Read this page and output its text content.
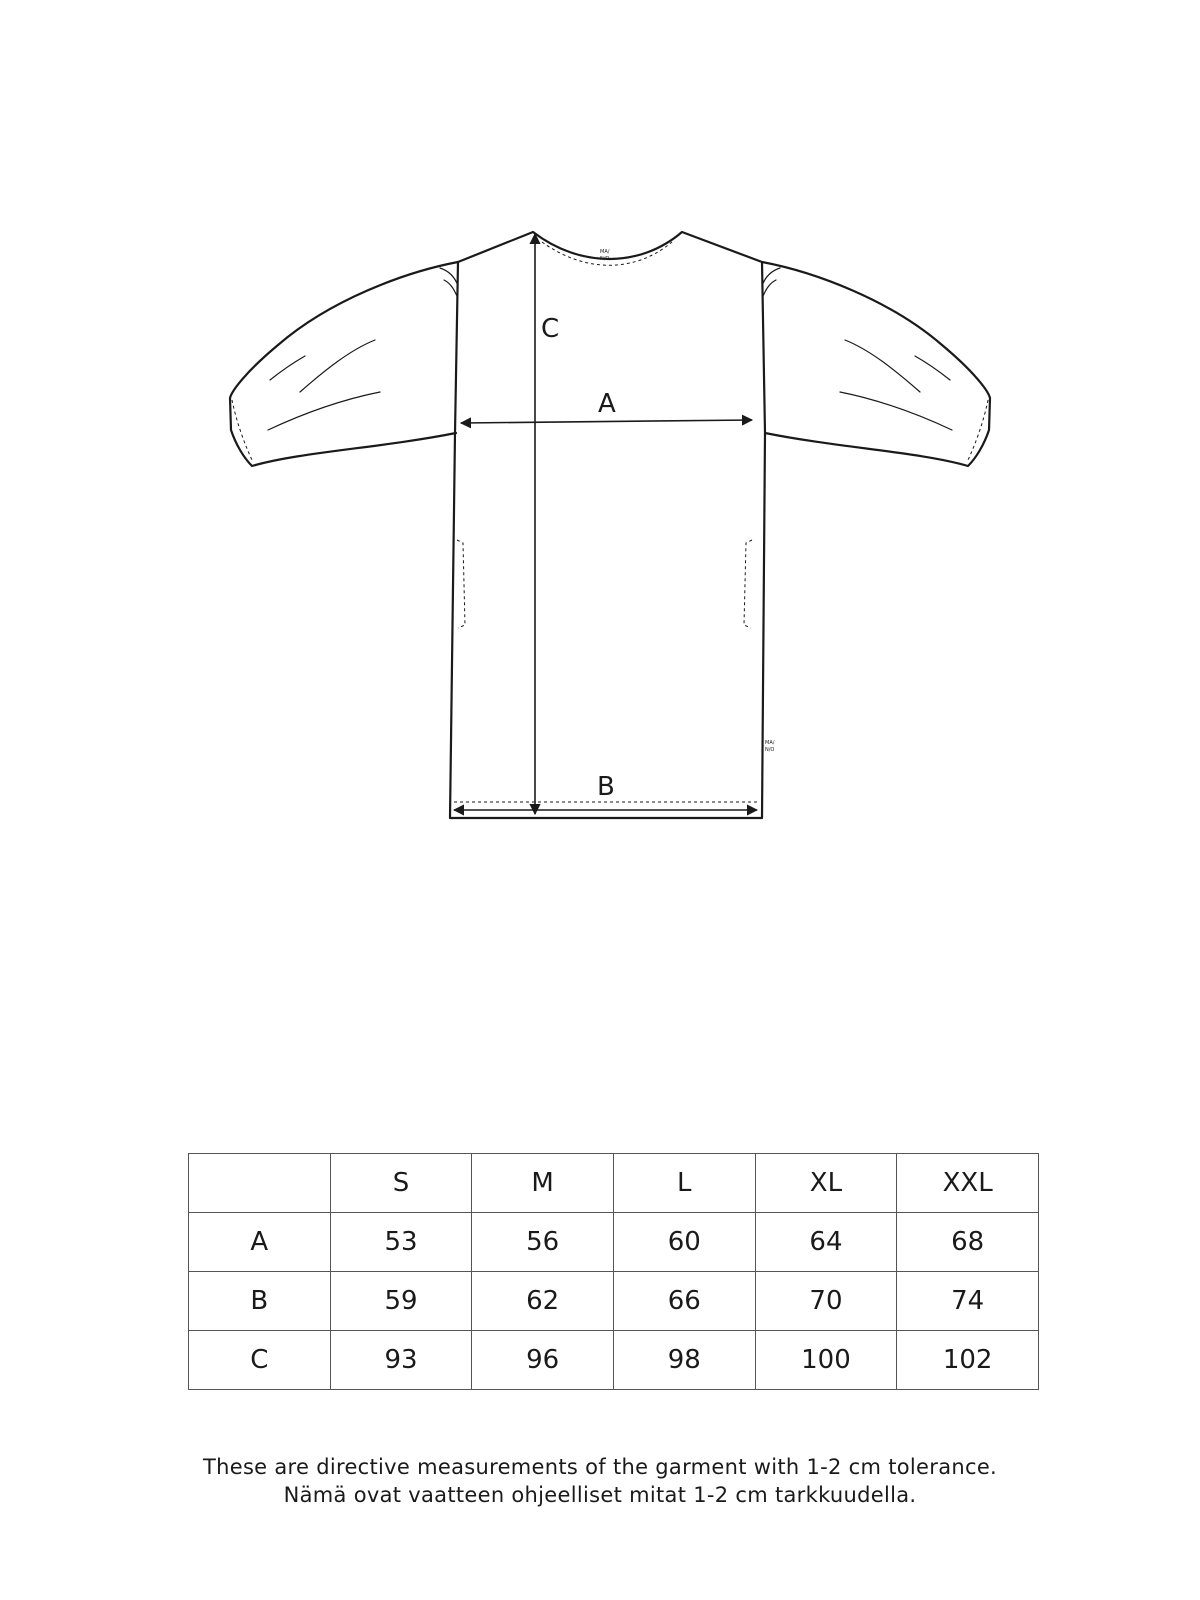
A
B
C
MA/
N/O
MA/
N/O
	S	M	L	XL	XXL
A	53	56	60	64	68
B	59	62	66	70	74
C	93	96	98	100	102
These are directive measurements of the garment with 1-2 cm tolerance.
Nämä ovat vaatteen ohjeelliset mitat 1-2 cm tarkkuudella.
